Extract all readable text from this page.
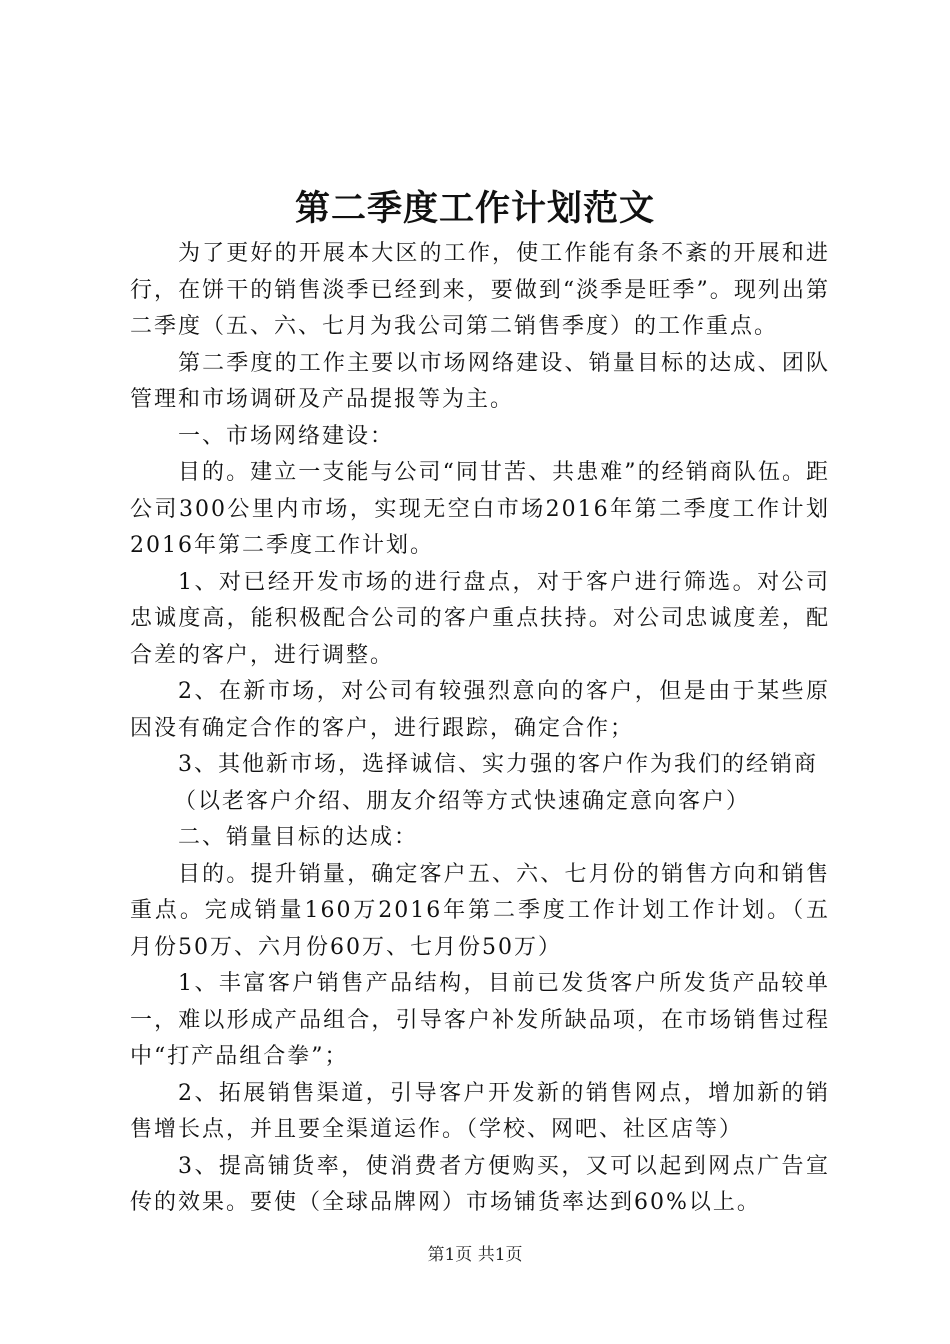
第二季度工作计划范文

为了更好的开展本大区的工作，使工作能有条不紊的开展和进行，在饼干的销售淡季已经到来，要做到“淡季是旺季”。现列出第二季度（五、六、七月为我公司第二销售季度）的工作重点。

第二季度的工作主要以市场网络建设、销量目标的达成、团队管理和市场调研及产品提报等为主。

一、市场网络建设：

目的。建立一支能与公司“同甘苦、共患难”的经销商队伍。距公司300公里内市场，实现无空白市场2016年第二季度工作计划2016年第二季度工作计划。

1、对已经开发市场的进行盘点，对于客户进行筛选。对公司忠诚度高，能积极配合公司的客户重点扶持。对公司忠诚度差，配合差的客户，进行调整。

2、在新市场，对公司有较强烈意向的客户，但是由于某些原因没有确定合作的客户，进行跟踪，确定合作；

3、其他新市场，选择诚信、实力强的客户作为我们的经销商

（以老客户介绍、朋友介绍等方式快速确定意向客户）

二、销量目标的达成：

目的。提升销量，确定客户五、六、七月份的销售方向和销售重点。完成销量160万2016年第二季度工作计划工作计划。（五月份50万、六月份60万、七月份50万）

1、丰富客户销售产品结构，目前已发货客户所发货产品较单一，难以形成产品组合，引导客户补发所缺品项，在市场销售过程中“打产品组合拳”；

2、拓展销售渠道，引导客户开发新的销售网点，增加新的销售增长点，并且要全渠道运作。（学校、网吧、社区店等）

3、提高铺货率，使消费者方便购买，又可以起到网点广告宣传的效果。要使（全球品牌网）市场铺货率达到60%以上。

第1页 共1页
